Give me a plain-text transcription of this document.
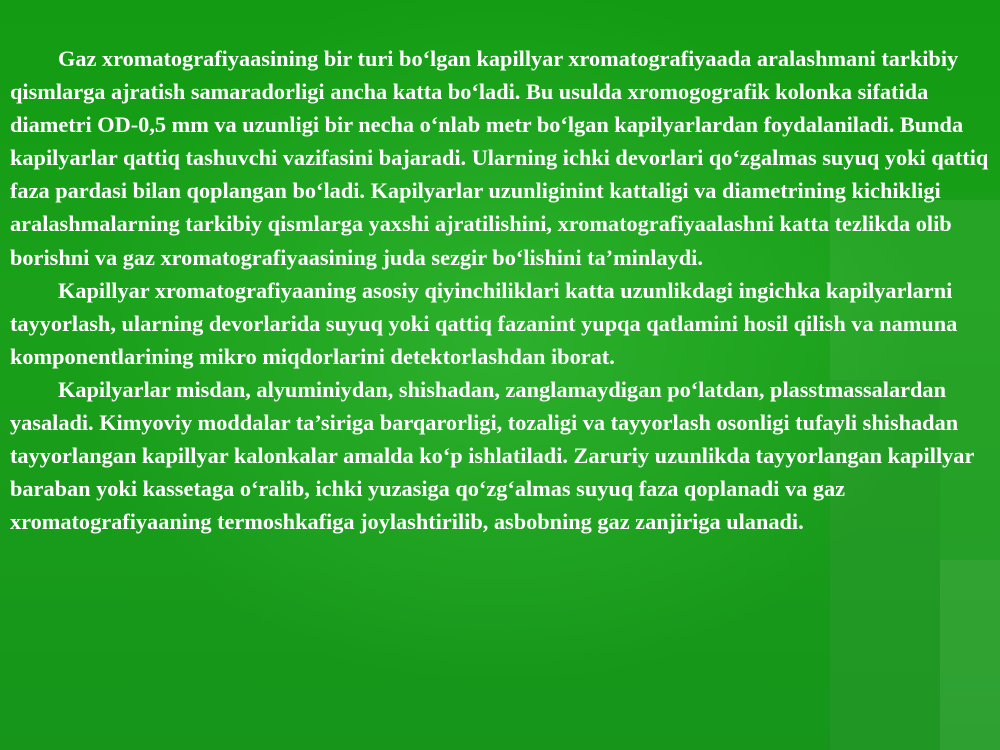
Gaz xromatografiyaasining bir turi bo‘lgan kapillyar xromatografiyaada aralashmani tarkibiy qismlarga ajratish samaradorligi ancha katta bo‘ladi. Bu usulda xromogografik kolonka sifatida diametri OD-0,5 mm va uzunligi bir necha o‘nlab metr bo‘lgan kapilyarlardan foydalaniladi. Bunda kapilyarlar qattiq tashuvchi vazifasini bajaradi. Ularning ichki devorlari qo‘zgalmas suyuq yoki qattiq faza pardasi bilan qoplangan bo‘ladi. Kapilyarlar uzunliginint kattaligi va diametrining kichikligi aralashmalarning tarkibiy qismlarga yaxshi ajratilishini, xromatografiyaalashni katta tezlikda olib borishni va gaz xromatografiyaasining juda sezgir bo‘lishini ta’minlaydi.

Kapillyar xromatografiyaaning asosiy qiyinchiliklari katta uzunlikdagi ingichka kapilyarlarni tayyorlash, ularning devorlarida suyuq yoki qattiq fazanint yupqa qatlamini hosil qilish va namuna komponentlarining mikro miqdorlarini detektorlashdan iborat.

Kapilyarlar misdan, alyuminiydan, shishadan, zanglamaydigan po‘latdan, plasstmassalardan yasaladi. Kimyoviy moddalar ta’siriga barqarorligi, tozaligi va tayyorlash osonligi tufayli shishadan tayyorlangan kapillyar kalonkalar amalda ko‘p ishlatiladi. Zaruriy uzunlikda tayyorlangan kapillyar baraban yoki kassetaga o‘ralib, ichki yuzasiga qo‘zg‘almas suyuq faza qoplanadi va gaz xromatografiyaaning termoshkafiga joylashtirilib, asbobning gaz zanjiriga ulanadi.
